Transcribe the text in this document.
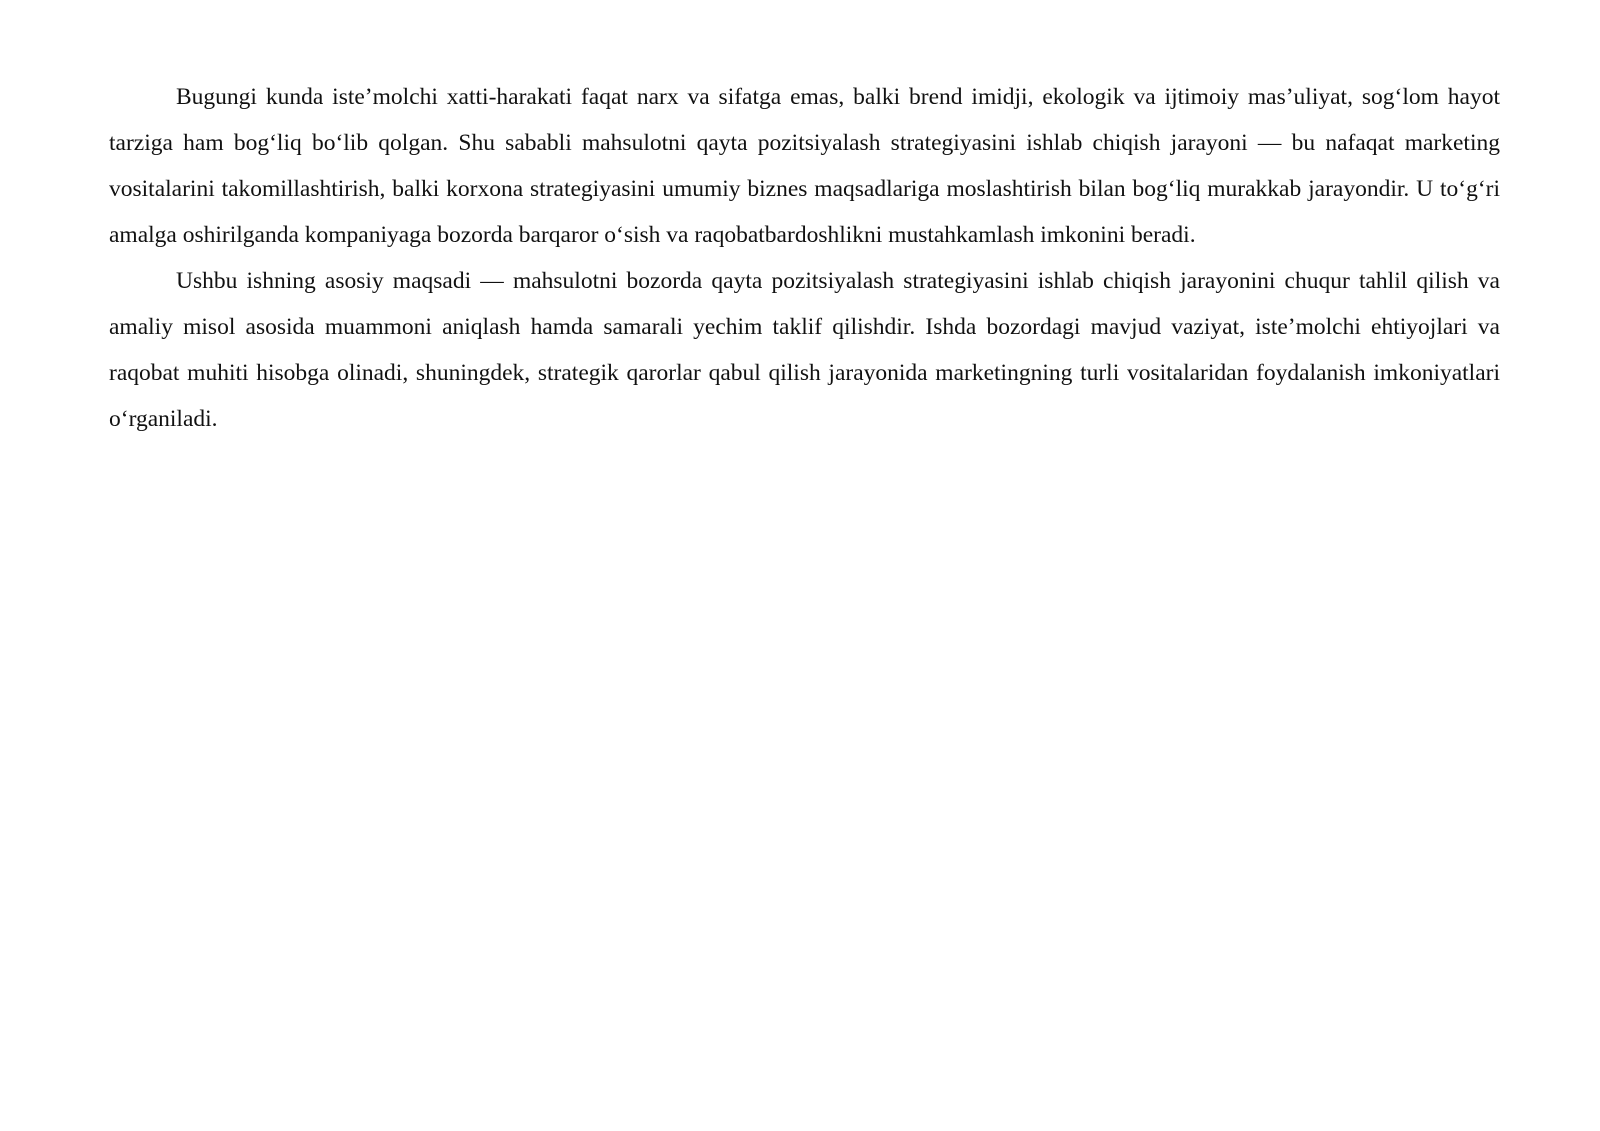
Bugungi kunda iste’molchi xatti-harakati faqat narx va sifatga emas, balki brend imidji, ekologik va ijtimoiy mas’uliyat, sog‘lom hayot tarziga ham bog‘liq bo‘lib qolgan. Shu sababli mahsulotni qayta pozitsiyalash strategiyasini ishlab chiqish jarayoni — bu nafaqat marketing vositalarini takomillashtirish, balki korxona strategiyasini umumiy biznes maqsadlariga moslashtirish bilan bog‘liq murakkab jarayondir. U to‘g‘ri amalga oshirilganda kompaniyaga bozorda barqaror o‘sish va raqobatbardoshlikni mustahkamlash imkonini beradi.

Ushbu ishning asosiy maqsadi — mahsulotni bozorda qayta pozitsiyalash strategiyasini ishlab chiqish jarayonini chuqur tahlil qilish va amaliy misol asosida muammoni aniqlash hamda samarali yechim taklif qilishdir. Ishda bozordagi mavjud vaziyat, iste’molchi ehtiyojlari va raqobat muhiti hisobga olinadi, shuningdek, strategik qarorlar qabul qilish jarayonida marketingning turli vositalaridan foydalanish imkoniyatlari o‘rganiladi.
